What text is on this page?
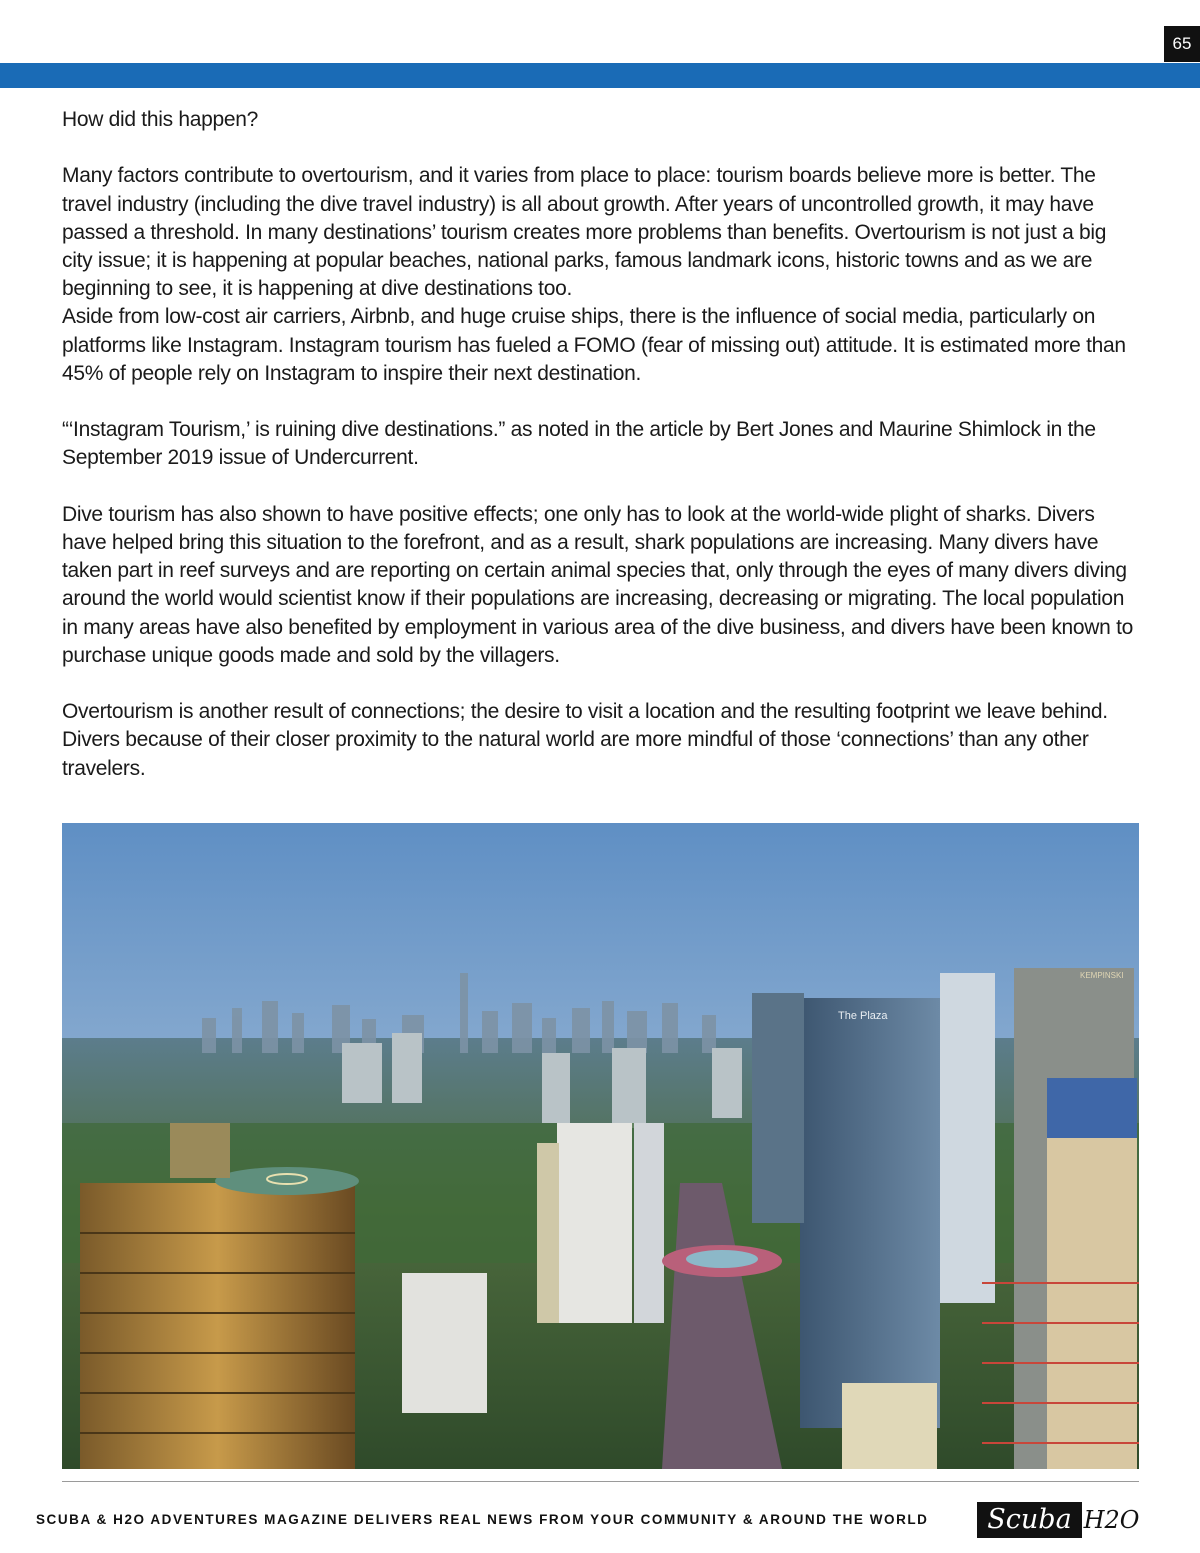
65

How did this happen?

Many factors contribute to overtourism, and it varies from place to place: tourism boards believe more is better. The travel industry (including the dive travel industry) is all about growth. After years of uncontrolled growth, it may have passed a threshold. In many destinations’ tourism creates more problems than benefits. Overtourism is not just a big city issue; it is happening at popular beaches, national parks, famous landmark icons, historic towns and as we are beginning to see, it is happening at dive destinations too.

Aside from low-cost air carriers, Airbnb, and huge cruise ships, there is the influence of social media, particularly on platforms like Instagram. Instagram tourism has fueled a FOMO (fear of missing out) attitude. It is estimated more than 45% of people rely on Instagram to inspire their next destination.

“‘Instagram Tourism,’ is ruining dive destinations.” as noted in the article by Bert Jones and Maurine Shimlock in the September 2019 issue of Undercurrent.

Dive tourism has also shown to have positive effects; one only has to look at the world-wide plight of sharks. Divers have helped bring this situation to the forefront, and as a result, shark populations are increasing. Many divers have taken part in reef surveys and are reporting on certain animal species that, only through the eyes of many divers diving around the world would scientist know if their populations are increasing, decreasing or migrating. The local population in many areas have also benefited by employment in various area of the dive business, and divers have been known to purchase unique goods made and sold by the villagers.

Overtourism is another result of connections; the desire to visit a location and the resulting footprint we leave behind. Divers because of their closer proximity to the natural world are more mindful of those ‘connections’ than any other travelers.

The Plaza
KEMPINSKI
SCUBA & H2O ADVENTURES MAGAZINE DELIVERS REAL NEWS FROM YOUR COMMUNITY & AROUND THE WORLD	Scuba H2O
